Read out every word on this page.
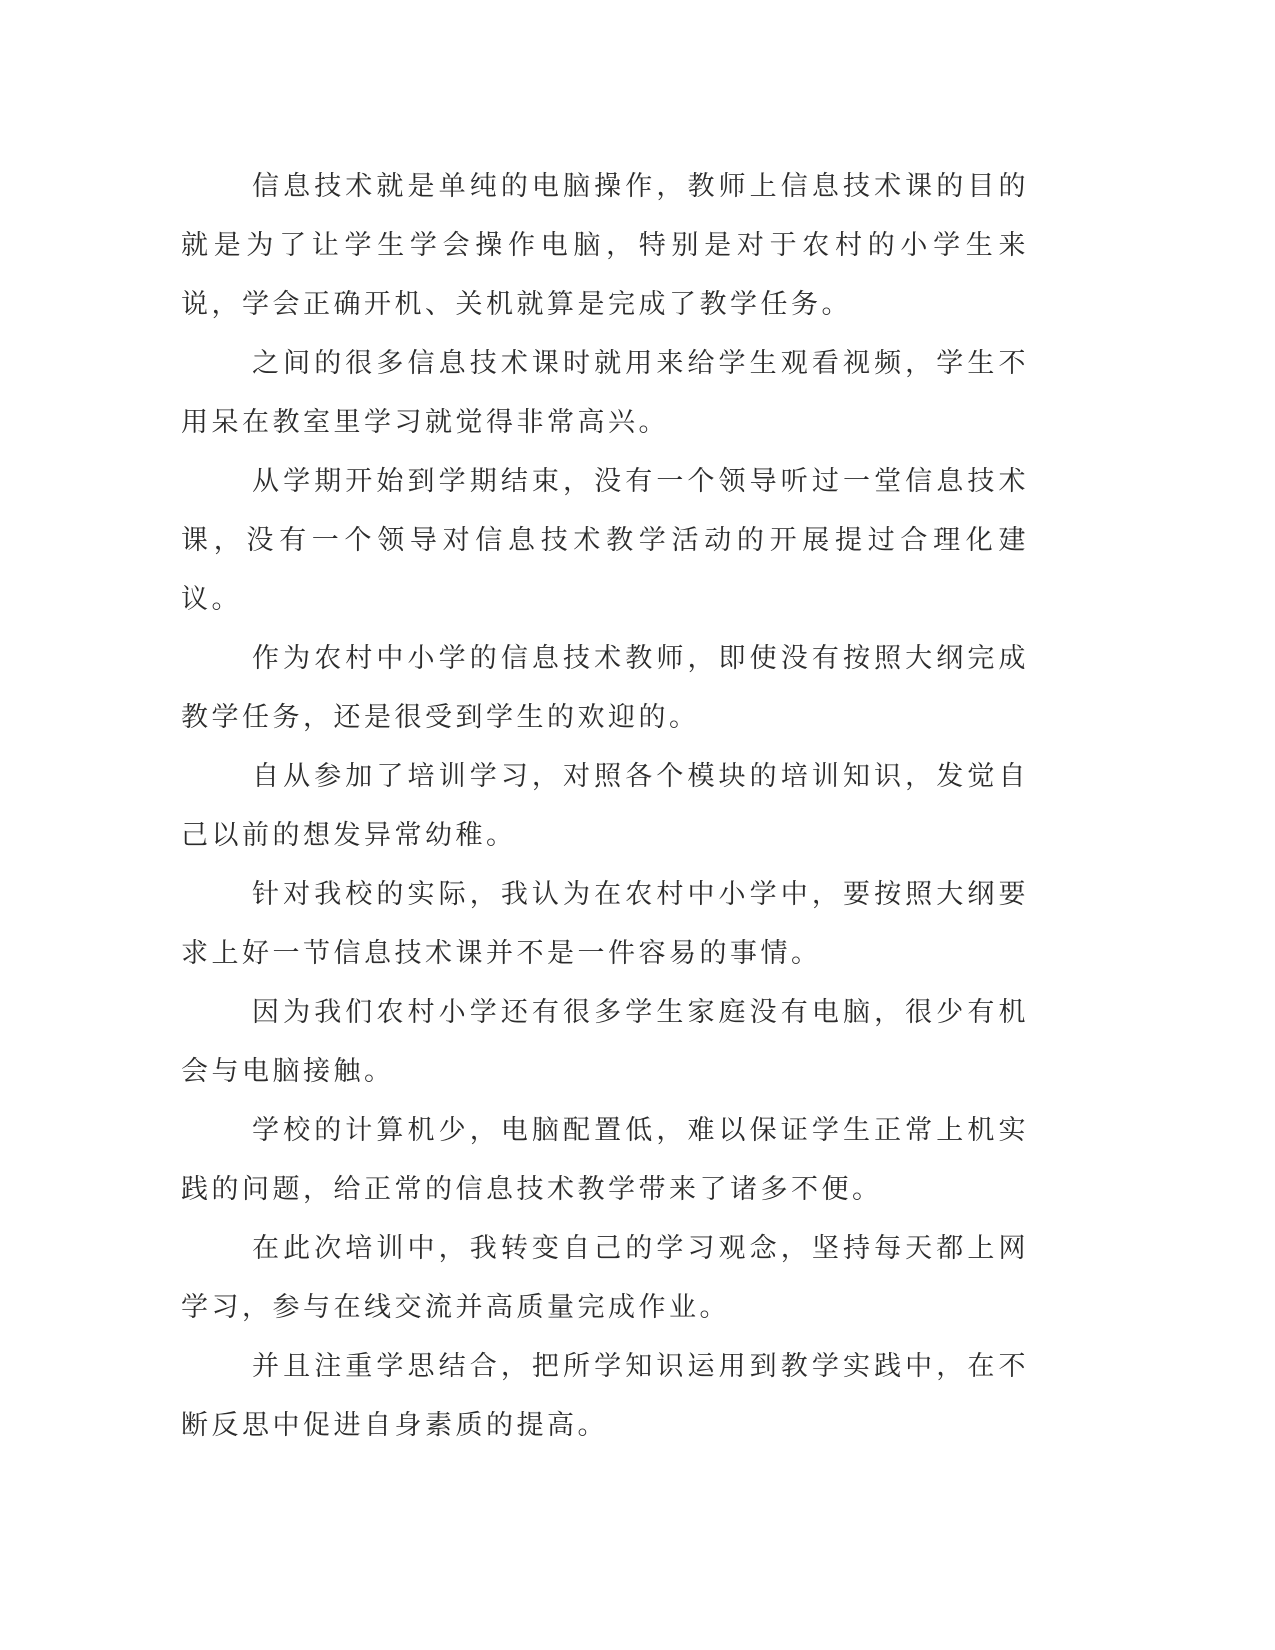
信息技术就是单纯的电脑操作，教师上信息技术课的目的就是为了让学生学会操作电脑，特别是对于农村的小学生来说，学会正确开机、关机就算是完成了教学任务。

之间的很多信息技术课时就用来给学生观看视频，学生不用呆在教室里学习就觉得非常高兴。

从学期开始到学期结束，没有一个领导听过一堂信息技术课，没有一个领导对信息技术教学活动的开展提过合理化建议。

作为农村中小学的信息技术教师，即使没有按照大纲完成教学任务，还是很受到学生的欢迎的。

自从参加了培训学习，对照各个模块的培训知识，发觉自己以前的想发异常幼稚。

针对我校的实际，我认为在农村中小学中，要按照大纲要求上好一节信息技术课并不是一件容易的事情。

因为我们农村小学还有很多学生家庭没有电脑，很少有机会与电脑接触。

学校的计算机少，电脑配置低，难以保证学生正常上机实践的问题，给正常的信息技术教学带来了诸多不便。

在此次培训中，我转变自己的学习观念，坚持每天都上网学习，参与在线交流并高质量完成作业。

并且注重学思结合，把所学知识运用到教学实践中，在不断反思中促进自身素质的提高。
